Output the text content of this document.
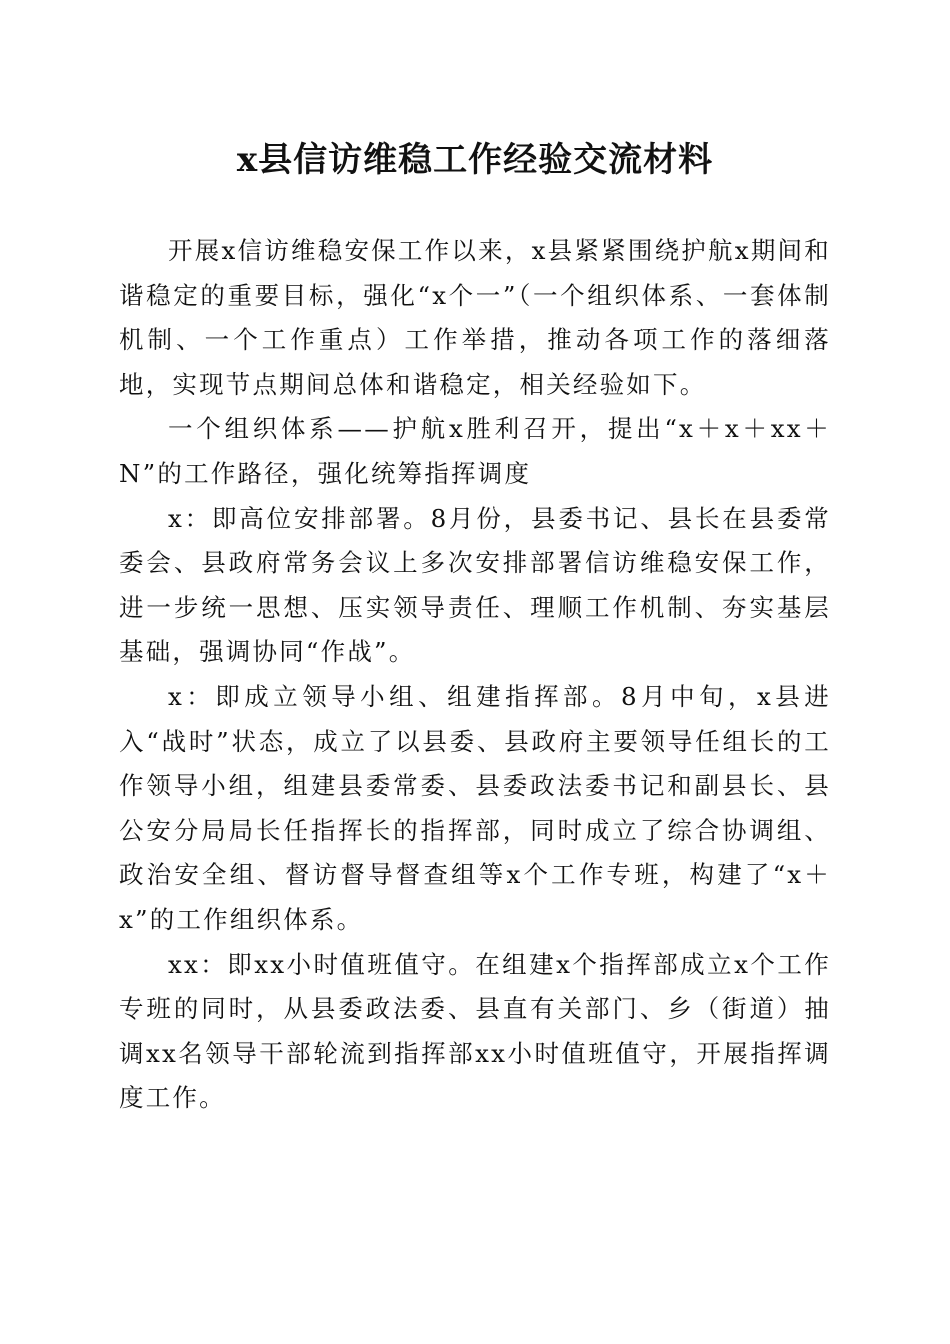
x县信访维稳工作经验交流材料

开展x信访维稳安保工作以来，x县紧紧围绕护航x期间和谐稳定的重要目标，强化“x个一”（一个组织体系、一套体制机制、一个工作重点）工作举措，推动各项工作的落细落地，实现节点期间总体和谐稳定，相关经验如下。

一个组织体系——护航x胜利召开，提出“x＋x＋xx＋N”的工作路径，强化统筹指挥调度

x：即高位安排部署。8月份，县委书记、县长在县委常委会、县政府常务会议上多次安排部署信访维稳安保工作，进一步统一思想、压实领导责任、理顺工作机制、夯实基层基础，强调协同“作战”。

x：即成立领导小组、组建指挥部。8月中旬，x县进入“战时”状态，成立了以县委、县政府主要领导任组长的工作领导小组，组建县委常委、县委政法委书记和副县长、县公安分局局长任指挥长的指挥部，同时成立了综合协调组、政治安全组、督访督导督查组等x个工作专班，构建了“x＋x”的工作组织体系。

xx：即xx小时值班值守。在组建x个指挥部成立x个工作专班的同时，从县委政法委、县直有关部门、乡（街道）抽调xx名领导干部轮流到指挥部xx小时值班值守，开展指挥调度工作。
